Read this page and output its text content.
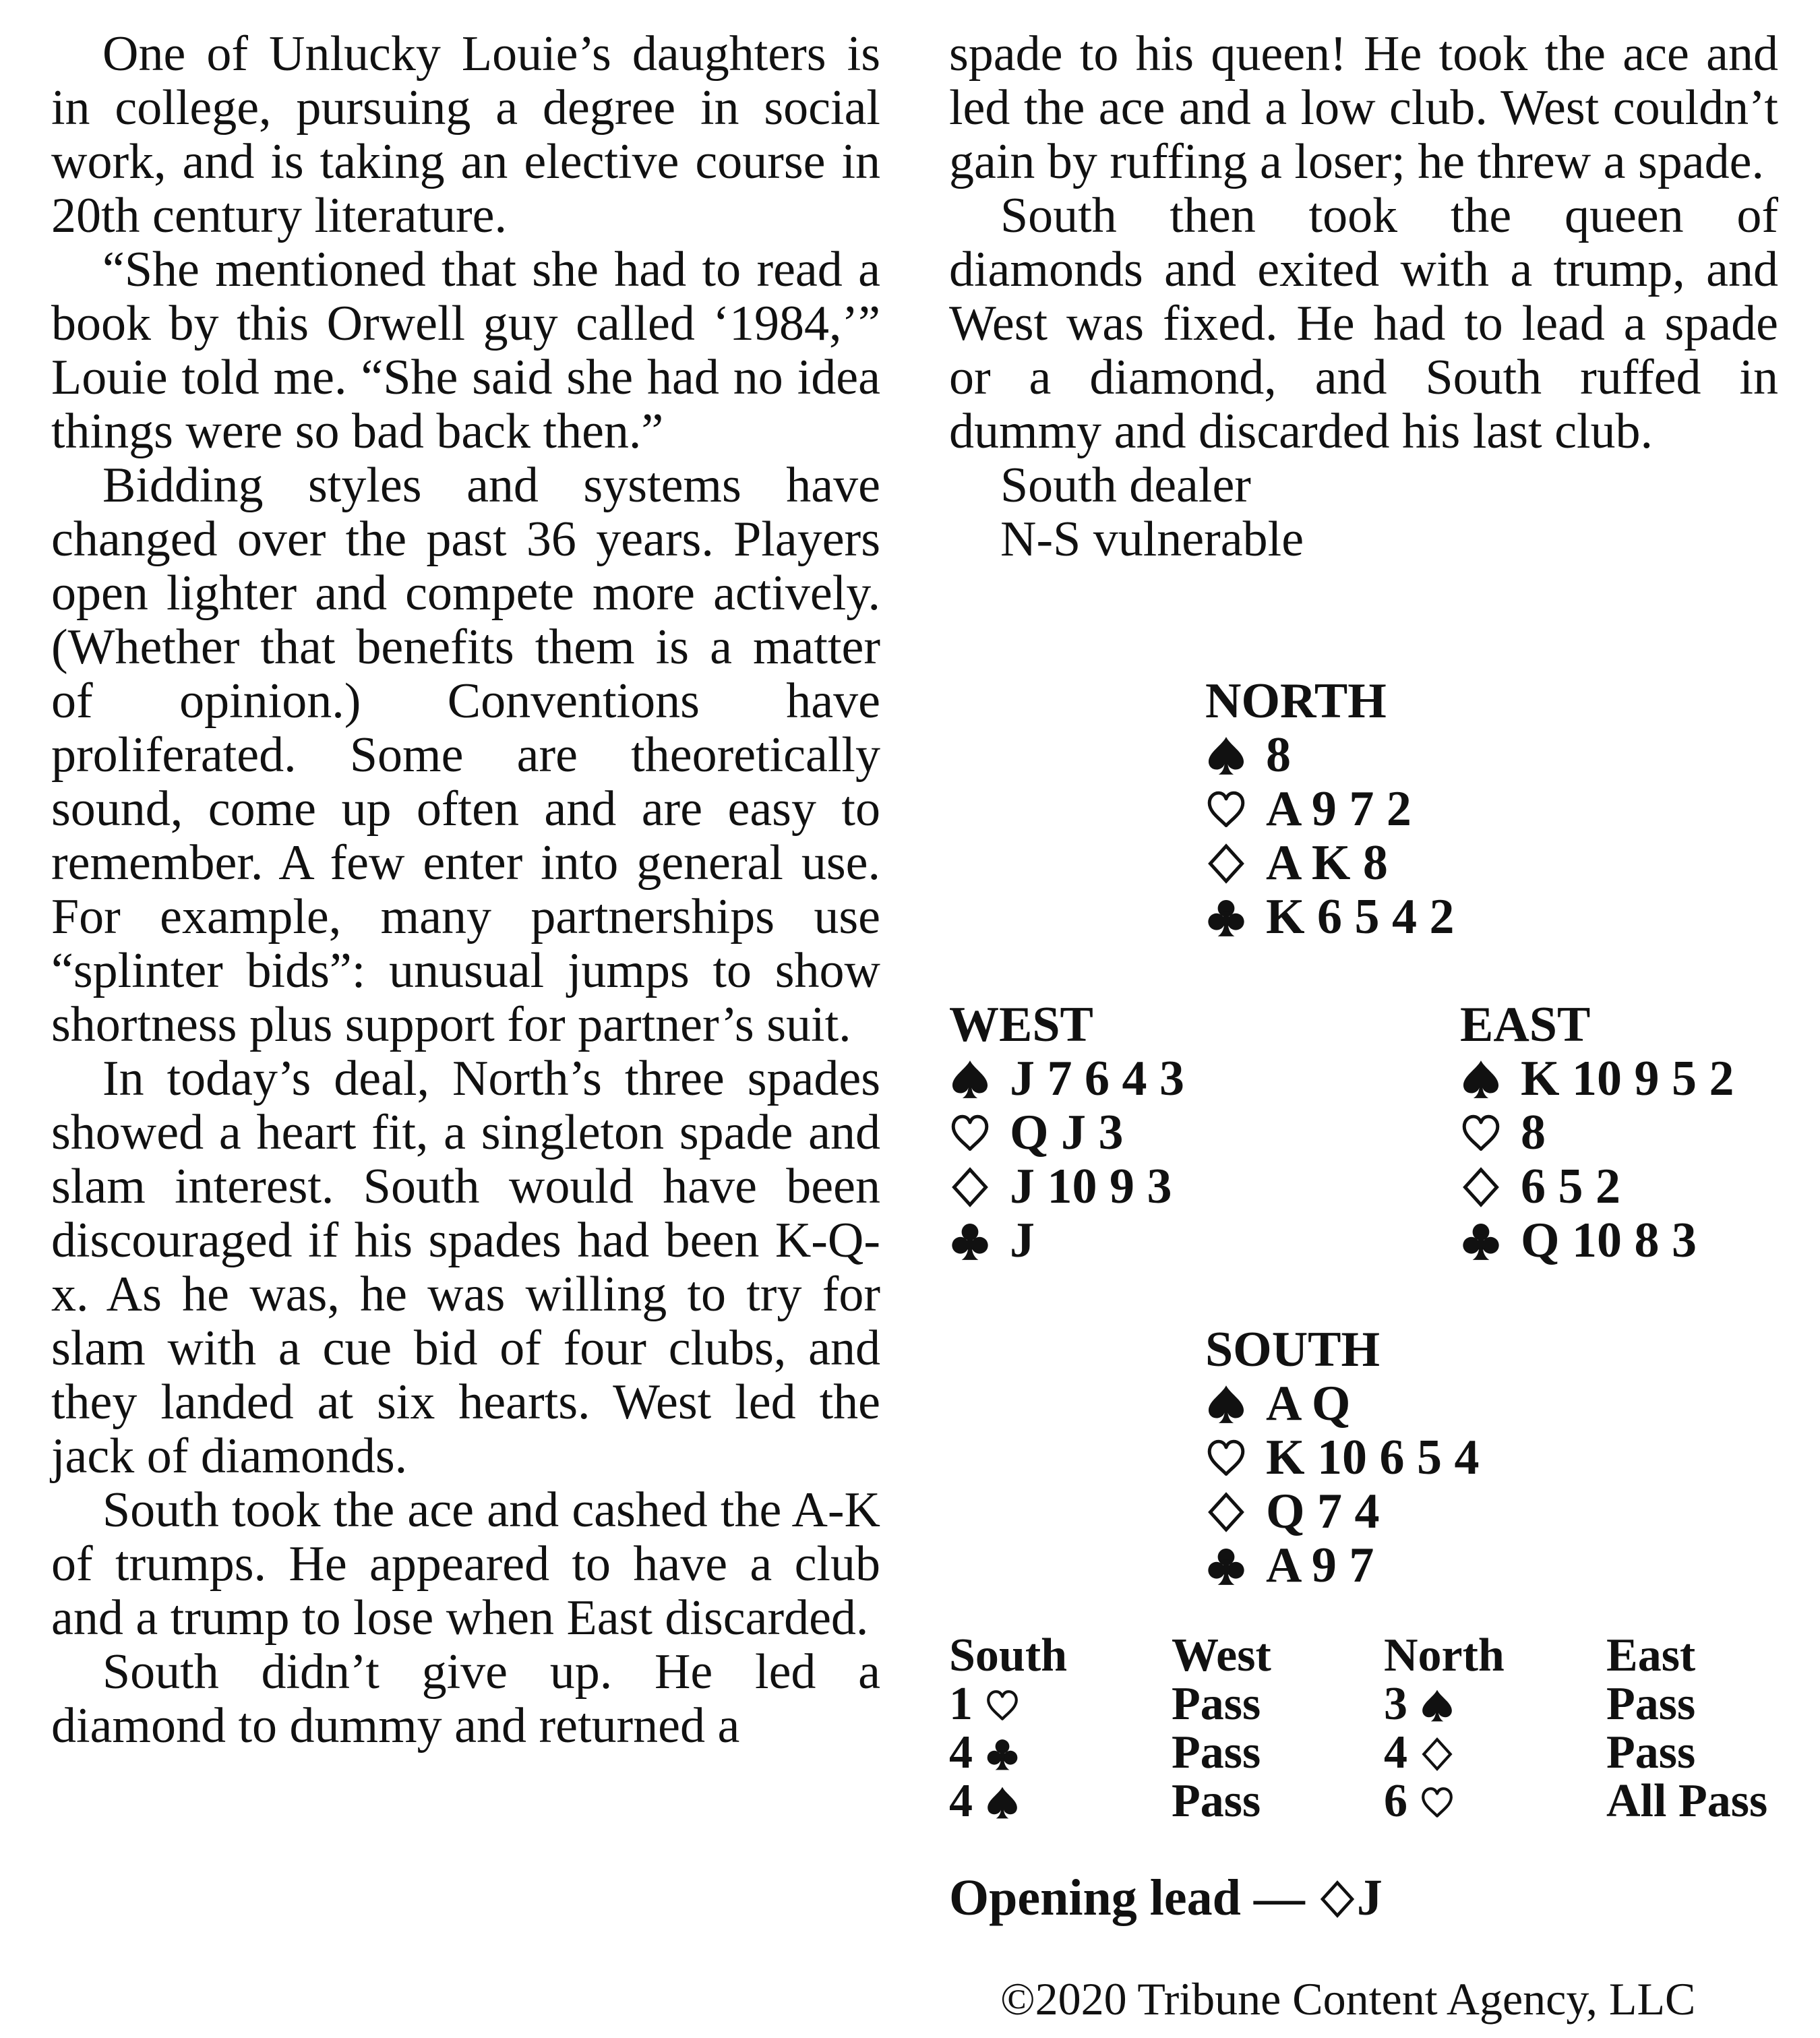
One of Unlucky Louie’s daughters is in college, pursuing a degree in social work, and is taking an elective course in 20th century literature.

“She mentioned that she had to read a book by this Orwell guy called ‘1984,’” Louie told me. “She said she had no idea things were so bad back then.”

Bidding styles and systems have changed over the past 36 years. Players open lighter and compete more actively. (Whether that benefits them is a matter of opinion.) Conventions have proliferated. Some are theoretically sound, come up often and are easy to remember. A few enter into general use. For example, many partnerships use “splinter bids”: unusual jumps to show shortness plus support for partner’s suit.

In today’s deal, North’s three spades showed a heart fit, a singleton spade and slam interest. South would have been discouraged if his spades had been K-Q-x. As he was, he was willing to try for slam with a cue bid of four clubs, and they landed at six hearts. West led the jack of diamonds.

South took the ace and cashed the A-K of trumps. He appeared to have a club and a trump to lose when East discarded.

South didn’t give up. He led a diamond to dummy and returned a

spade to his queen! He took the ace and led the ace and a low club. West couldn’t gain by ruffing a loser; he threw a spade.

South then took the queen of diamonds and exited with a trump, and West was fixed. He had to lead a spade or a diamond, and South ruffed in dummy and discarded his last club.

South dealer

N-S vulnerable

NORTH
8
A 9 7 2
A K 8
K 6 5 4 2
WEST
J 7 6 4 3
Q J 3
J 10 9 3
J
EAST
K 10 9 5 2
8
6 5 2
Q 10 8 3
SOUTH
A Q
K 10 6 5 4
Q 7 4
A 9 7
South West North East
1	Pass	3	Pass
4	Pass	4	Pass
4	Pass	6	All Pass
Opening lead — J
©2020 Tribune Content Agency, LLC
